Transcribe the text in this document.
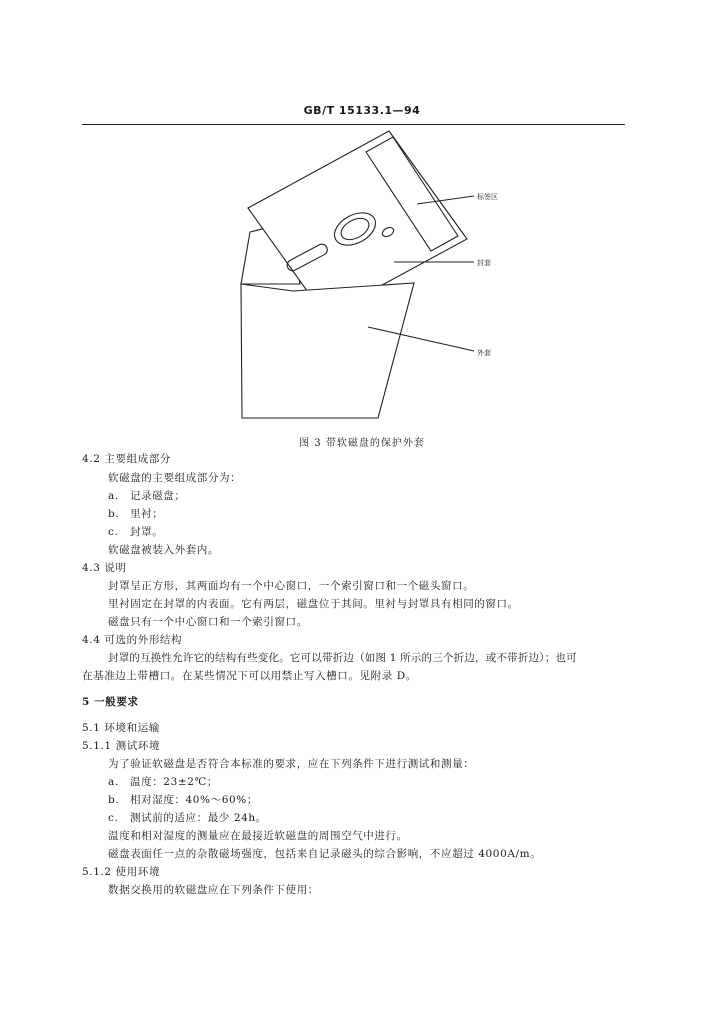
GB/T 15133.1—94
标签区
封套
外套
图 3 带软磁盘的保护外套
4.2 主要组成部分
软磁盘的主要组成部分为：
a. 记录磁盘；
b. 里衬；
c. 封罩。
软磁盘被装入外套内。
4.3 说明
封罩呈正方形，其两面均有一个中心窗口，一个索引窗口和一个磁头窗口。
里衬固定在封罩的内表面。它有两层，磁盘位于其间。里衬与封罩具有相同的窗口。
磁盘只有一个中心窗口和一个索引窗口。
4.4 可选的外形结构
封罩的互换性允许它的结构有些变化。它可以带折边（如图 1 所示的三个折边，或不带折边）；也可
在基准边上带槽口。在某些情况下可以用禁止写入槽口。见附录 D。
5 一般要求
5.1 环境和运输
5.1.1 测试环境
为了验证软磁盘是否符合本标准的要求，应在下列条件下进行测试和测量：
a. 温度：23±2℃；
b. 相对湿度：40%～60%；
c. 测试前的适应：最少 24h。
温度和相对湿度的测量应在最接近软磁盘的周围空气中进行。
磁盘表面任一点的杂散磁场强度，包括来自记录磁头的综合影响，不应超过 4000A/m。
5.1.2 使用环境
数据交换用的软磁盘应在下列条件下使用：
